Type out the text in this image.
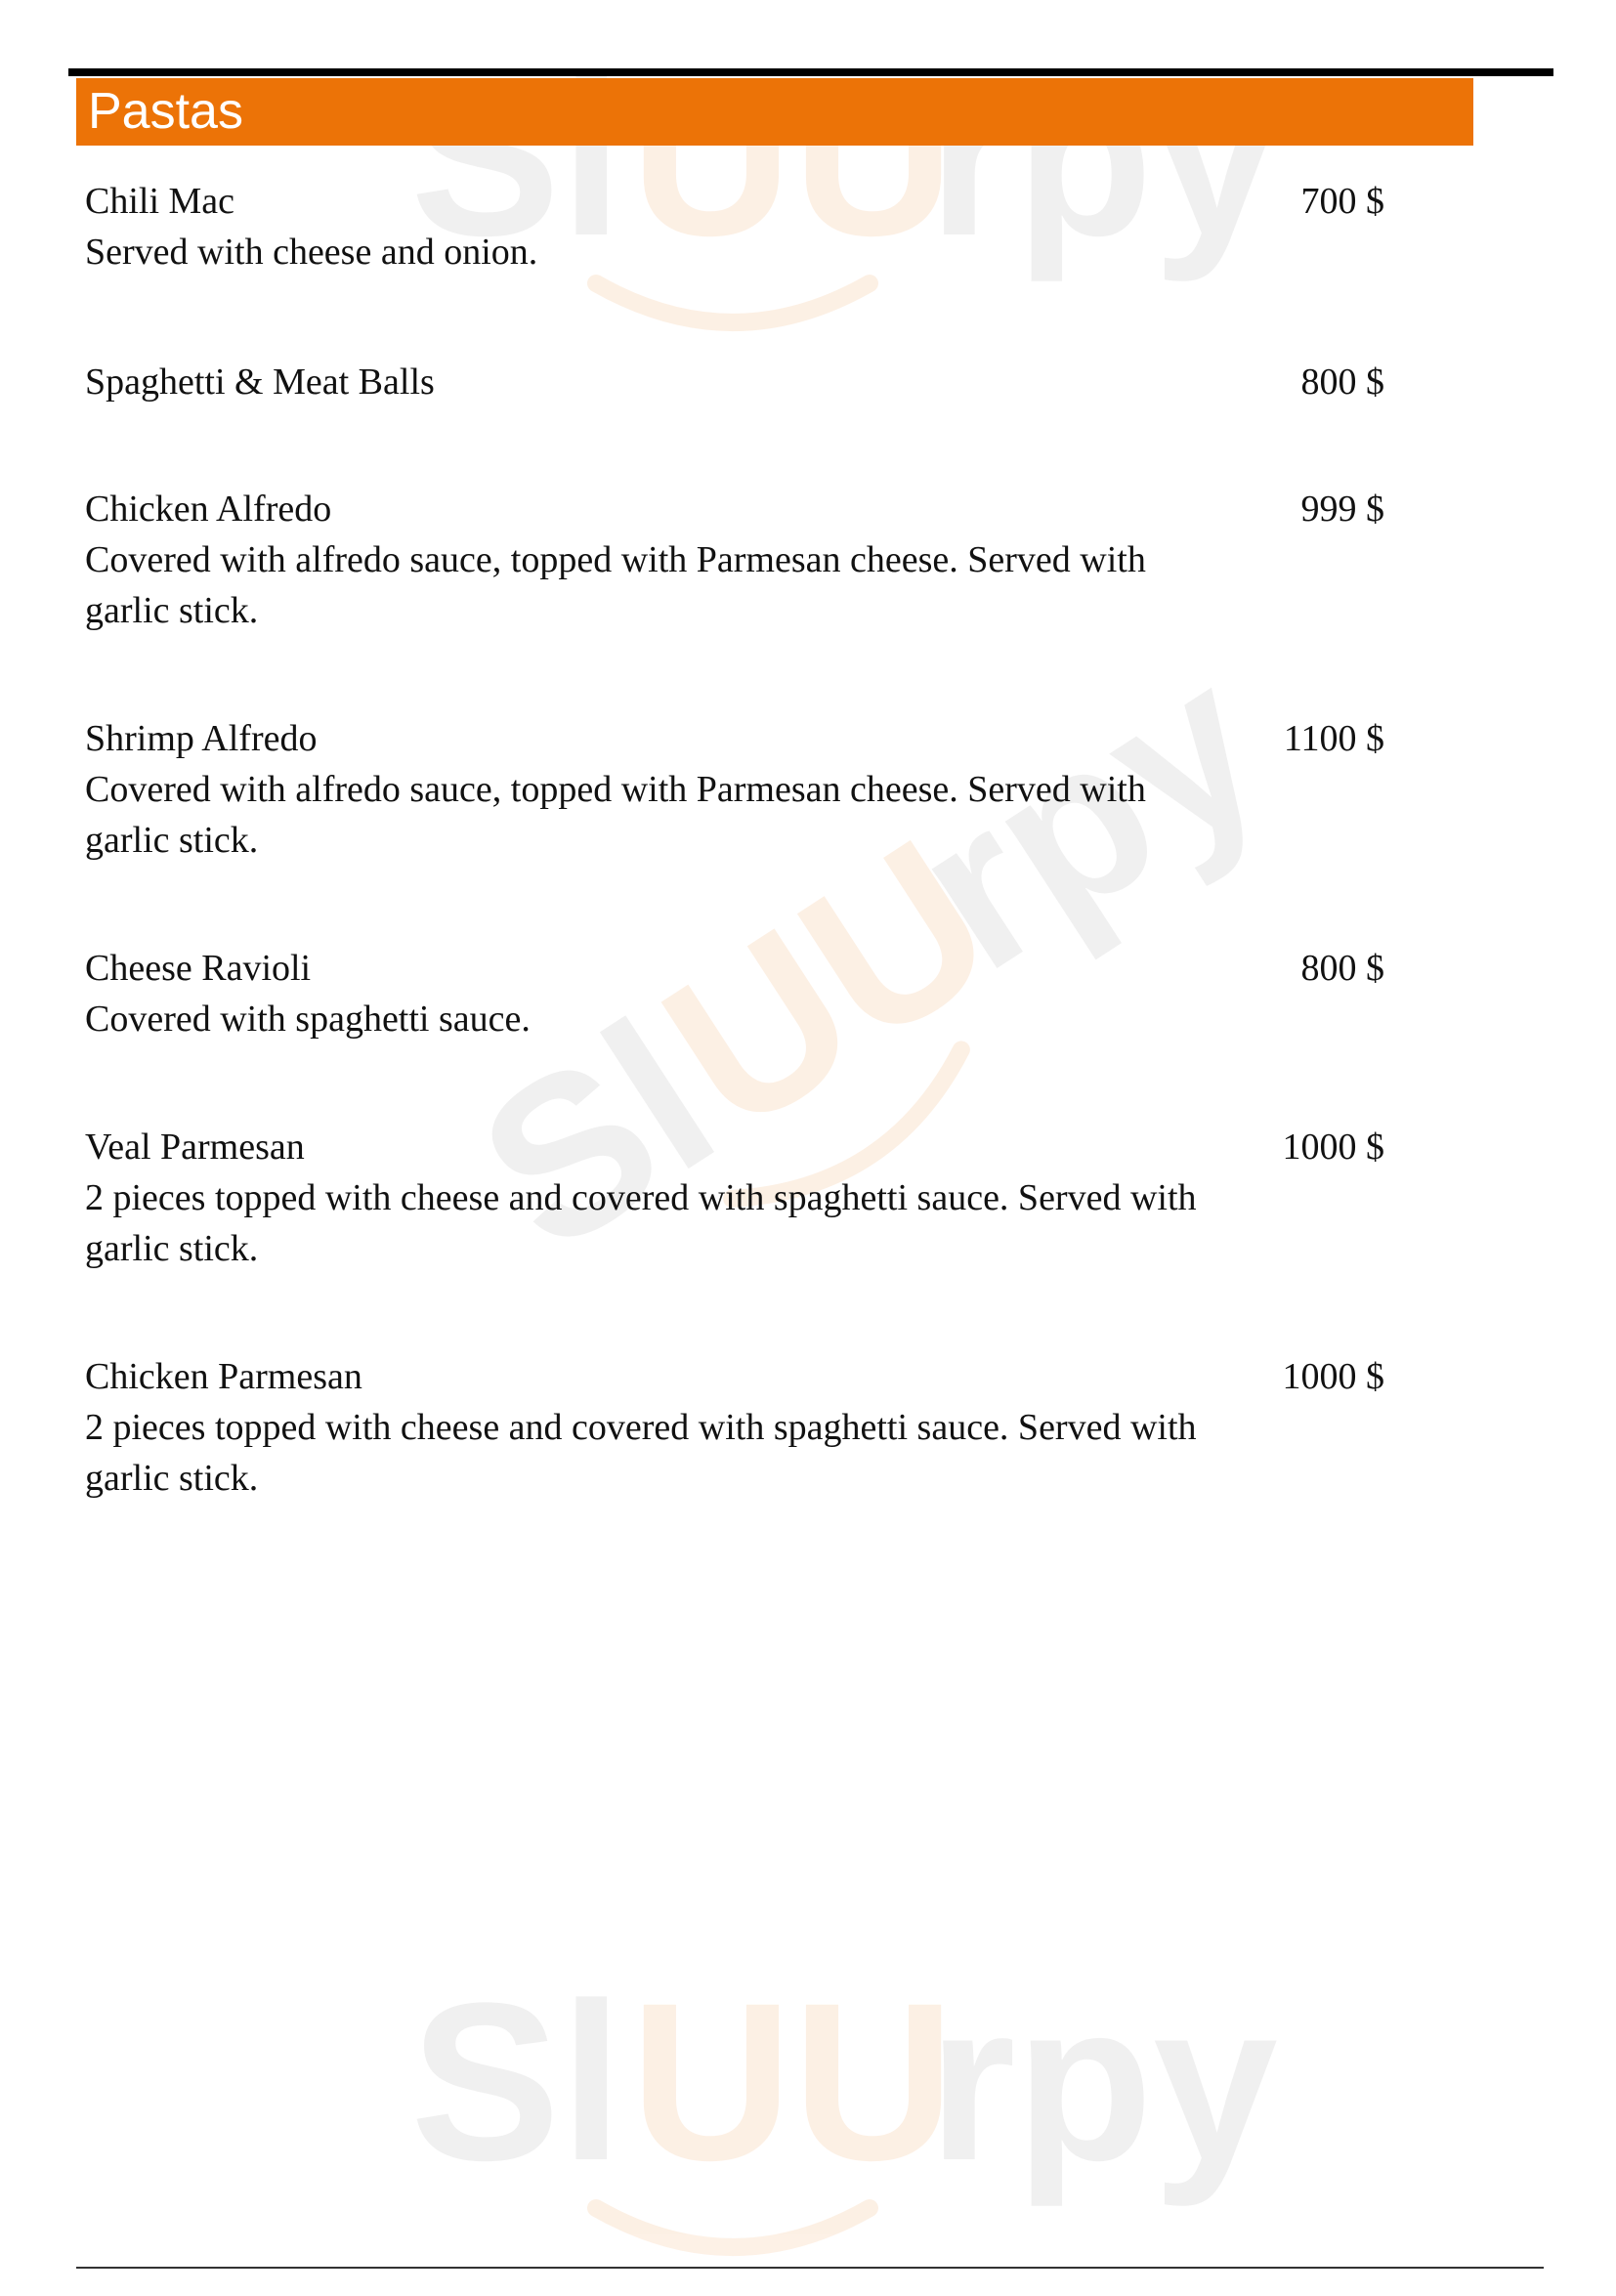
Sl UU
rpy
Sl
UU
rpy
Sl UU
rpy
Pastas
Chili Mac
Served with cheese and onion.
700 $
Spaghetti & Meat Balls	800 $
Chicken Alfredo
Covered with alfredo sauce, topped with Parmesan cheese. Served with garlic stick.
999 $
Shrimp Alfredo
Covered with alfredo sauce, topped with Parmesan cheese. Served with garlic stick.
1100 $
Cheese Ravioli
Covered with spaghetti sauce.
800 $
Veal Parmesan
2 pieces topped with cheese and covered with spaghetti sauce. Served with garlic stick.
1000 $
Chicken Parmesan
2 pieces topped with cheese and covered with spaghetti sauce. Served with garlic stick.
1000 $
